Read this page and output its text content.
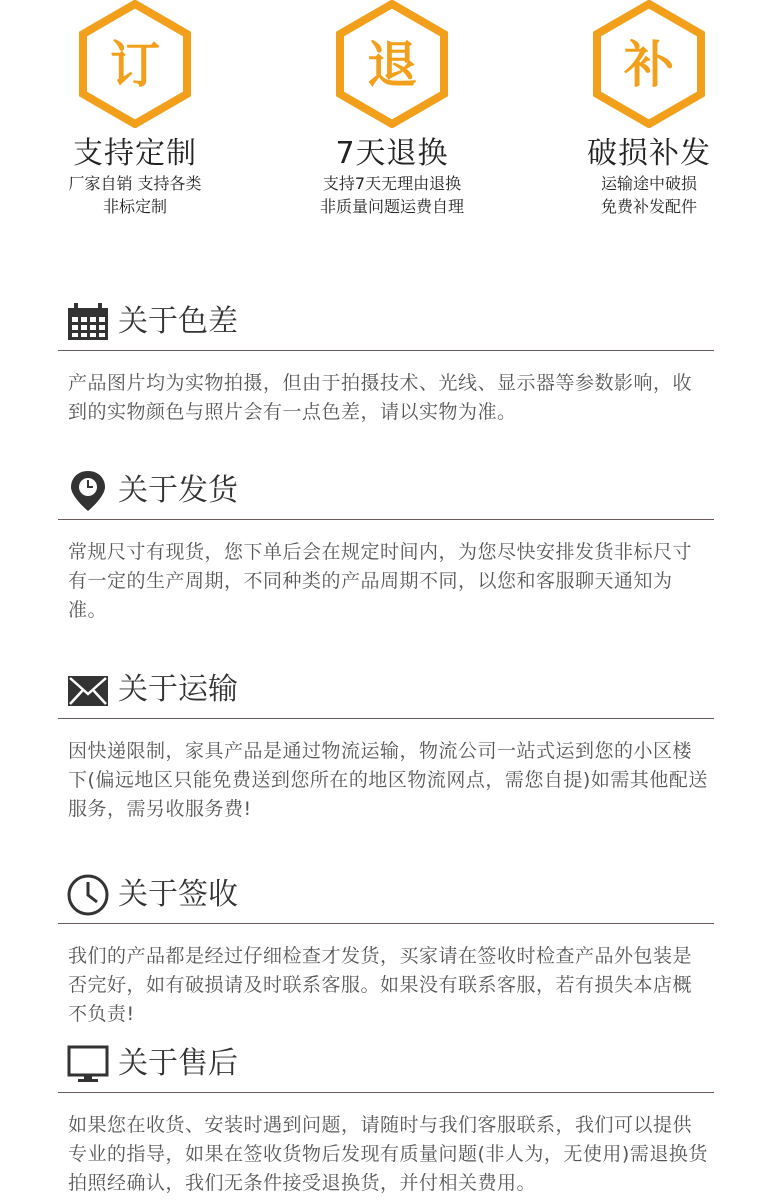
订
支持定制
厂家自销 支持各类
非标定制
退
7天退换
支持7天无理由退换
非质量问题运费自理
补
破损补发
运输途中破损
免费补发配件
关于色差
产品图片均为实物拍摄，但由于拍摄技术、光线、显示器等参数影响，收到的实物颜色与照片会有一点色差，请以实物为准。
关于发货
常规尺寸有现货，您下单后会在规定时间内，为您尽快安排发货非标尺寸有一定的生产周期，不同种类的产品周期不同，以您和客服聊天通知为准。
关于运输
因快递限制，家具产品是通过物流运输，物流公司一站式运到您的小区楼下(偏远地区只能免费送到您所在的地区物流网点，需您自提)如需其他配送服务，需另收服务费!
关于签收
我们的产品都是经过仔细检查才发货，买家请在签收时检查产品外包装是否完好，如有破损请及时联系客服。如果没有联系客服，若有损失本店概不负责!
关于售后
如果您在收货、安装时遇到问题，请随时与我们客服联系，我们可以提供专业的指导，如果在签收货物后发现有质量问题(非人为，无使用)需退换货拍照经确认，我们无条件接受退换货，并付相关费用。
